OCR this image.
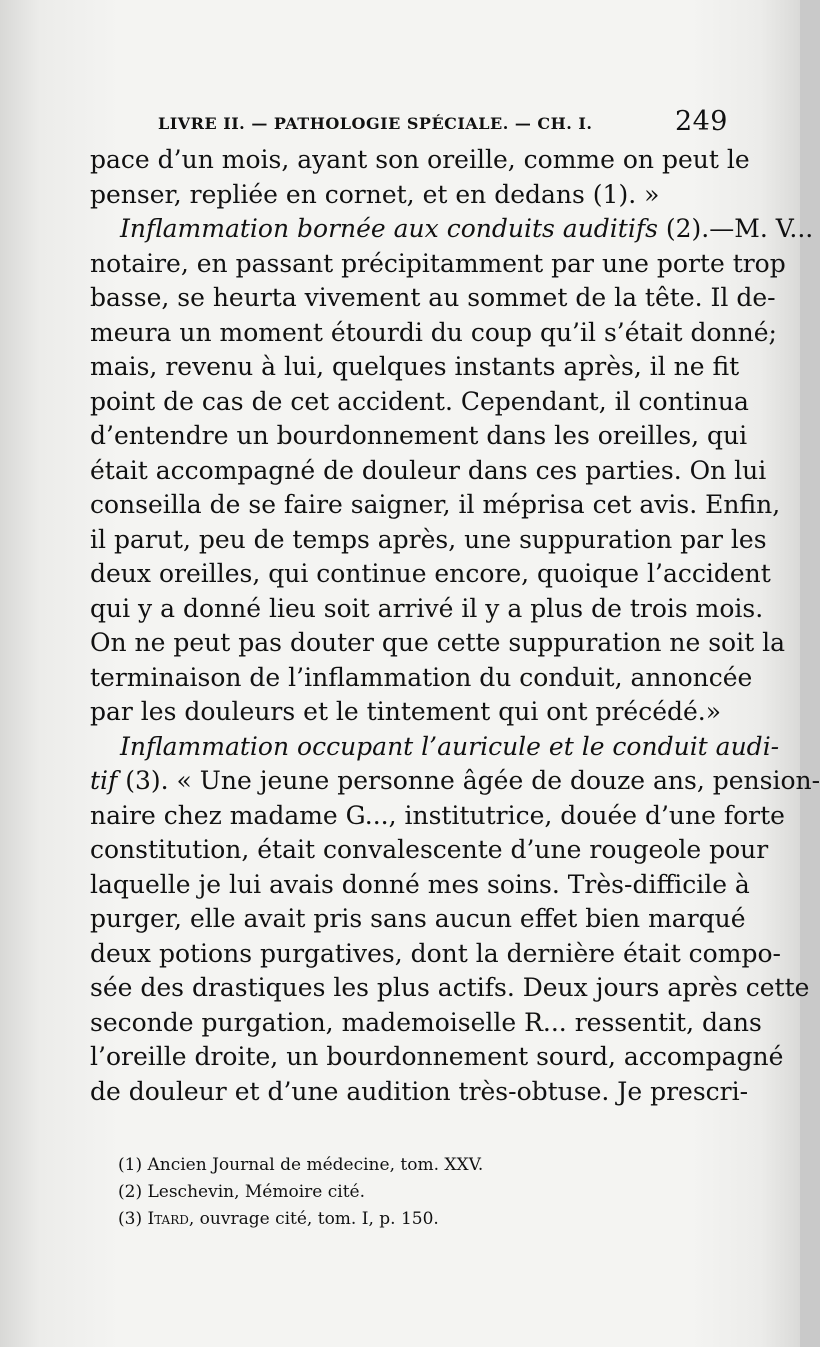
LIVRE II. — PATHOLOGIE SPÉCIALE. — CH. I.	249
pace d’un mois, ayant son oreille, comme on peut le
penser, repliée en cornet, et en dedans (1). »
Inflammation bornée aux conduits auditifs (2).—M. V...
notaire, en passant précipitamment par une porte trop
basse, se heurta vivement au sommet de la tête. Il de-
meura un moment étourdi du coup qu’il s’était donné;
mais, revenu à lui, quelques instants après, il ne fit
point de cas de cet accident. Cependant, il continua
d’entendre un bourdonnement dans les oreilles, qui
était accompagné de douleur dans ces parties. On lui
conseilla de se faire saigner, il méprisa cet avis. Enfin,
il parut, peu de temps après, une suppuration par les
deux oreilles, qui continue encore, quoique l’accident
qui y a donné lieu soit arrivé il y a plus de trois mois.
On ne peut pas douter que cette suppuration ne soit la
terminaison de l’inflammation du conduit, annoncée
par les douleurs et le tintement qui ont précédé.»
Inflammation occupant l’auricule et le conduit audi-
tif (3). « Une jeune personne âgée de douze ans, pension-
naire chez madame G..., institutrice, douée d’une forte
constitution, était convalescente d’une rougeole pour
laquelle je lui avais donné mes soins. Très-difficile à
purger, elle avait pris sans aucun effet bien marqué
deux potions purgatives, dont la dernière était compo-
sée des drastiques les plus actifs. Deux jours après cette
seconde purgation, mademoiselle R... ressentit, dans
l’oreille droite, un bourdonnement sourd, accompagné
de douleur et d’une audition très-obtuse. Je prescri-
(1) Ancien Journal de médecine, tom. XXV.
(2) Leschevin, Mémoire cité.
(3) Itard, ouvrage cité, tom. I, p. 150.
